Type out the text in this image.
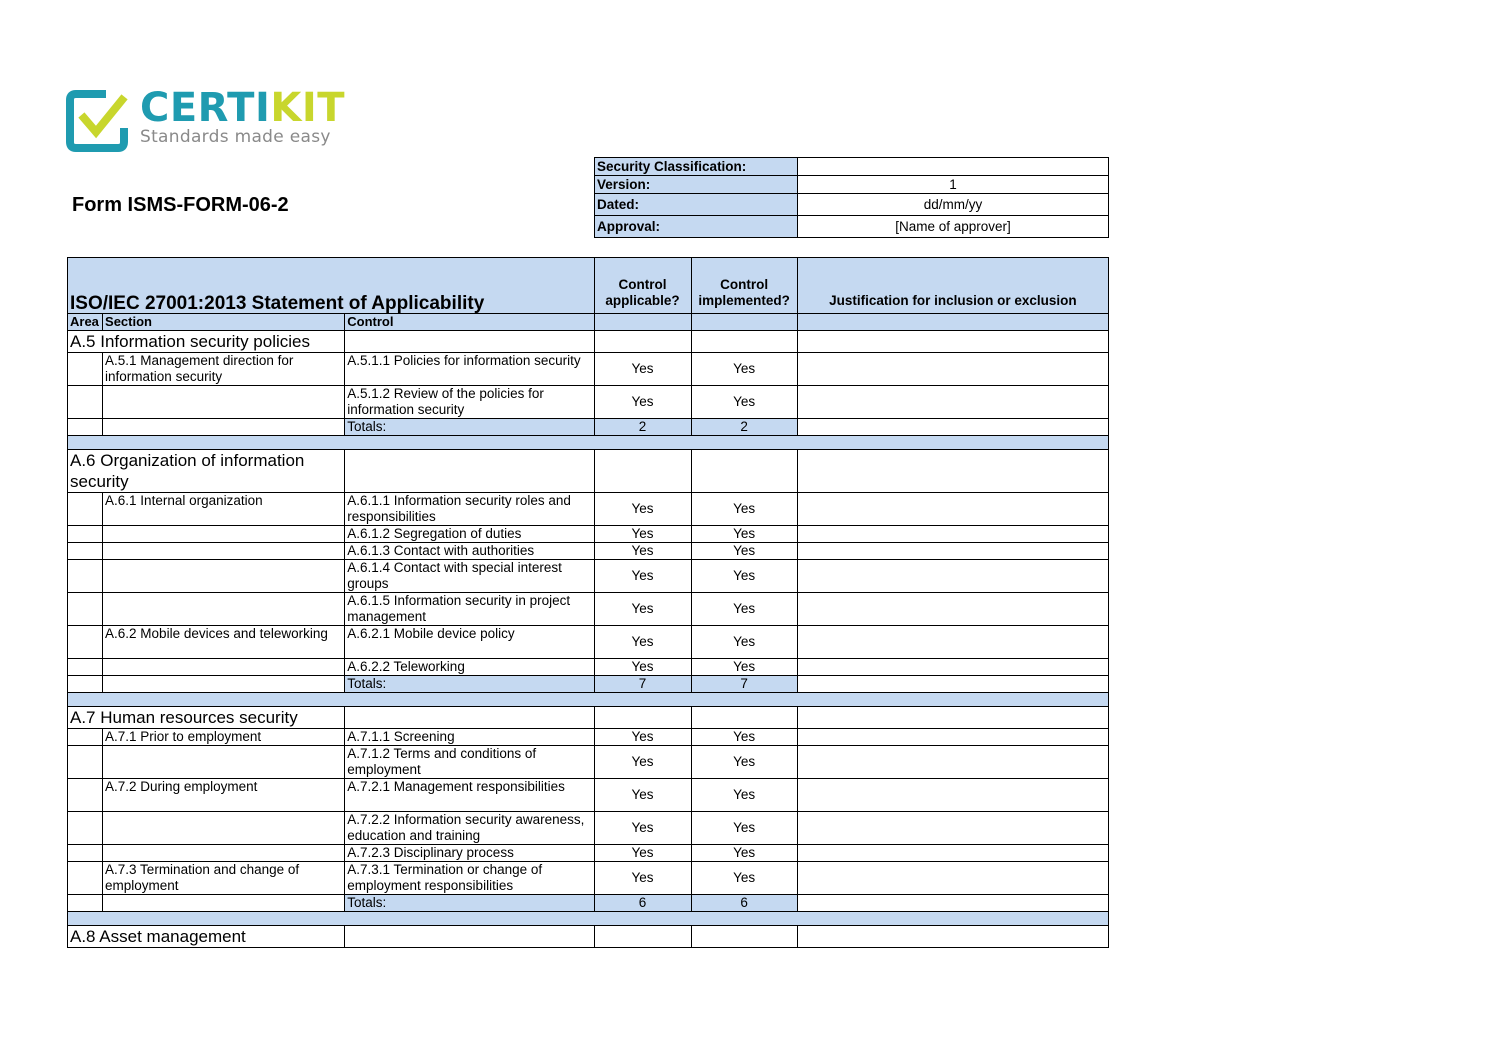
CERTIKIT
Standards made easy
Form ISMS-FORM-06-2
Security Classification:	
Version:	1
Dated:	dd/mm/yy
Approval:	[Name of approver]
ISO/IEC 27001:2013 Statement of Applicability			Control applicable?	Control implemented?	Justification for inclusion or exclusion
Area	Section	Control			
A.5 Information security policies					
	A.5.1 Management direction for information security	A.5.1.1 Policies for information security	Yes	Yes	
		A.5.1.2 Review of the policies for information security	Yes	Yes	
		Totals:	2	2	

A.6 Organization of information security					
	A.6.1 Internal organization	A.6.1.1 Information security roles and responsibilities	Yes	Yes	
		A.6.1.2 Segregation of duties	Yes	Yes	
		A.6.1.3 Contact with authorities	Yes	Yes	
		A.6.1.4 Contact with special interest groups	Yes	Yes	
		A.6.1.5 Information security in project management	Yes	Yes	
	A.6.2 Mobile devices and teleworking	A.6.2.1 Mobile device policy	Yes	Yes	
		A.6.2.2 Teleworking	Yes	Yes	
		Totals:	7	7	

A.7 Human resources security					
	A.7.1 Prior to employment	A.7.1.1 Screening	Yes	Yes	
		A.7.1.2 Terms and conditions of employment	Yes	Yes	
	A.7.2 During employment	A.7.2.1 Management responsibilities	Yes	Yes	
		A.7.2.2 Information security awareness, education and training	Yes	Yes	
		A.7.2.3 Disciplinary process	Yes	Yes	
	A.7.3 Termination and change of employment	A.7.3.1 Termination or change of employment responsibilities	Yes	Yes	
		Totals:	6	6	

A.8 Asset management					
